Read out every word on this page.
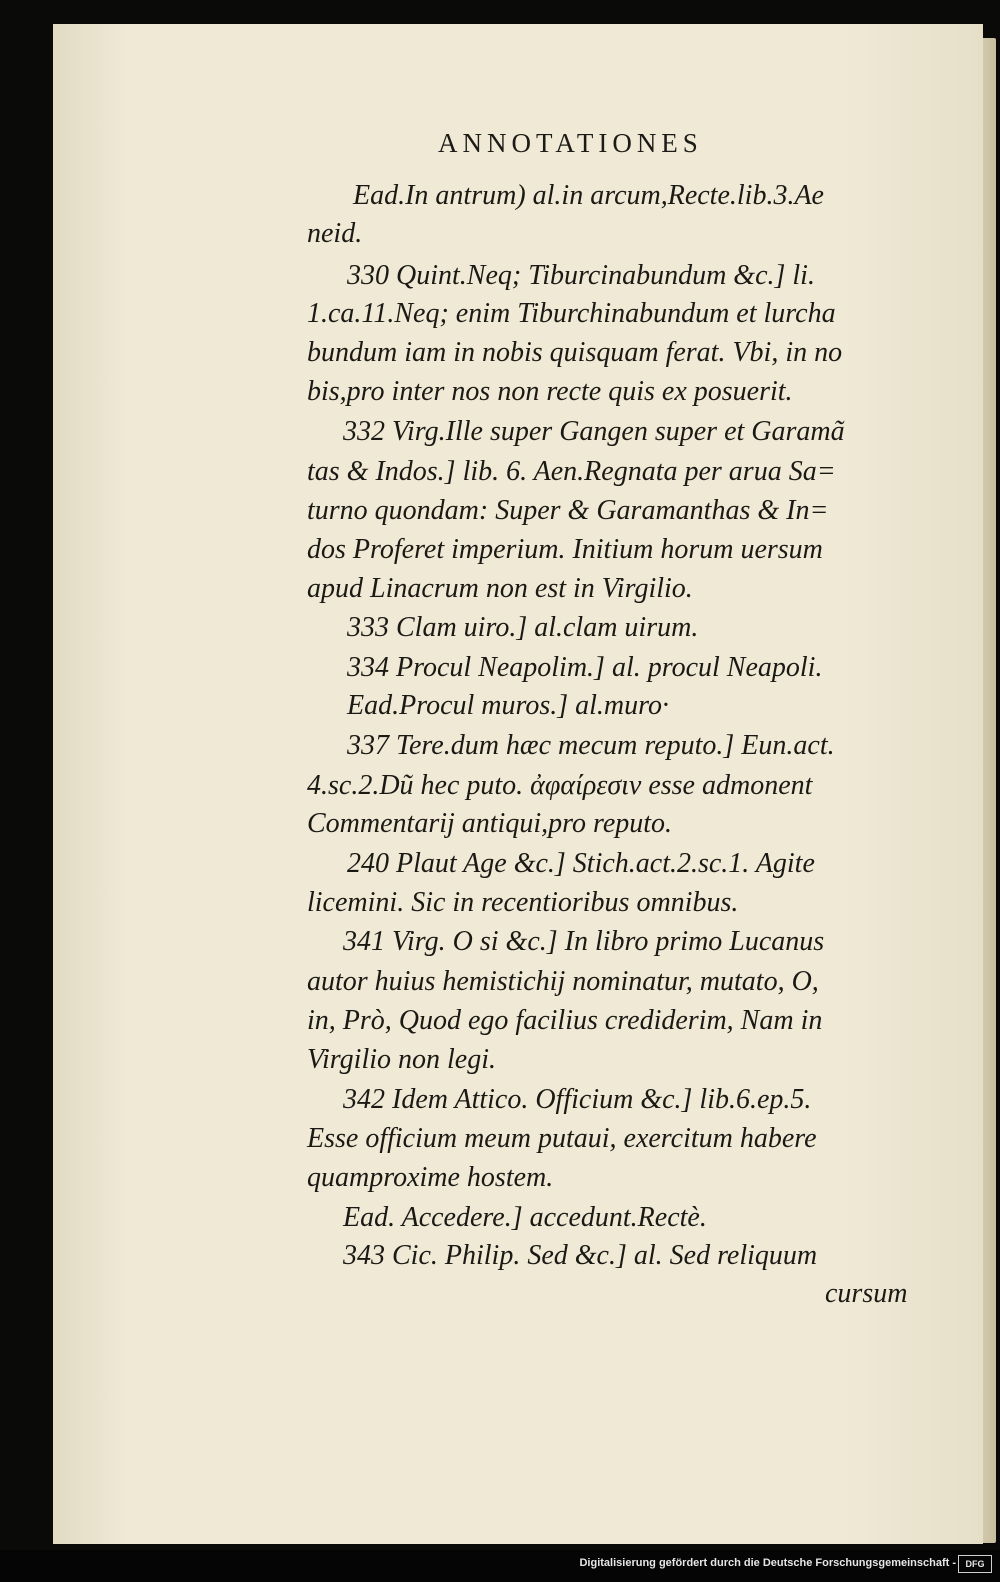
ANNOTATIONES
Ead.In antrum) al.in arcum,Recte.lib.3.Ae
neid.
330 Quint.Neq; Tiburcinabundum &c.] li.
1.ca.11.Neq; enim Tiburchinabundum et lurcha
bundum iam in nobis quisquam ferat. Vbi, in no
bis,pro inter nos non recte quis ex posuerit.
332 Virg.Ille super Gangen super et Garamã
tas & Indos.] lib. 6. Aen.Regnata per arua Sa=
turno quondam: Super & Garamanthas & In=
dos Proferet imperium. Initium horum uersum
apud Linacrum non est in Virgilio.
333 Clam uiro.] al.clam uirum.
334 Procul Neapolim.] al. procul Neapoli.
Ead.Procul muros.] al.muro·
337 Tere.dum hæc mecum reputo.] Eun.act.
4.sc.2.Dũ hec puto. ἀφαίρεσιν esse admonent
Commentarij antiqui,pro reputo.
240 Plaut Age &c.] Stich.act.2.sc.1. Agite
licemini. Sic in recentioribus omnibus.
341 Virg. O si &c.] In libro primo Lucanus
autor huius hemistichij nominatur, mutato, O,
in, Prò, Quod ego facilius crediderim, Nam in
Virgilio non legi.
342 Idem Attico. Officium &c.] lib.6.ep.5.
Esse officium meum putaui, exercitum habere
quamproxime hostem.
Ead. Accedere.] accedunt.Rectè.
343 Cic. Philip. Sed &c.] al. Sed reliquum
cursum
Digitalisierung gefördert durch die Deutsche Forschungsgemeinschaft -	DFG
